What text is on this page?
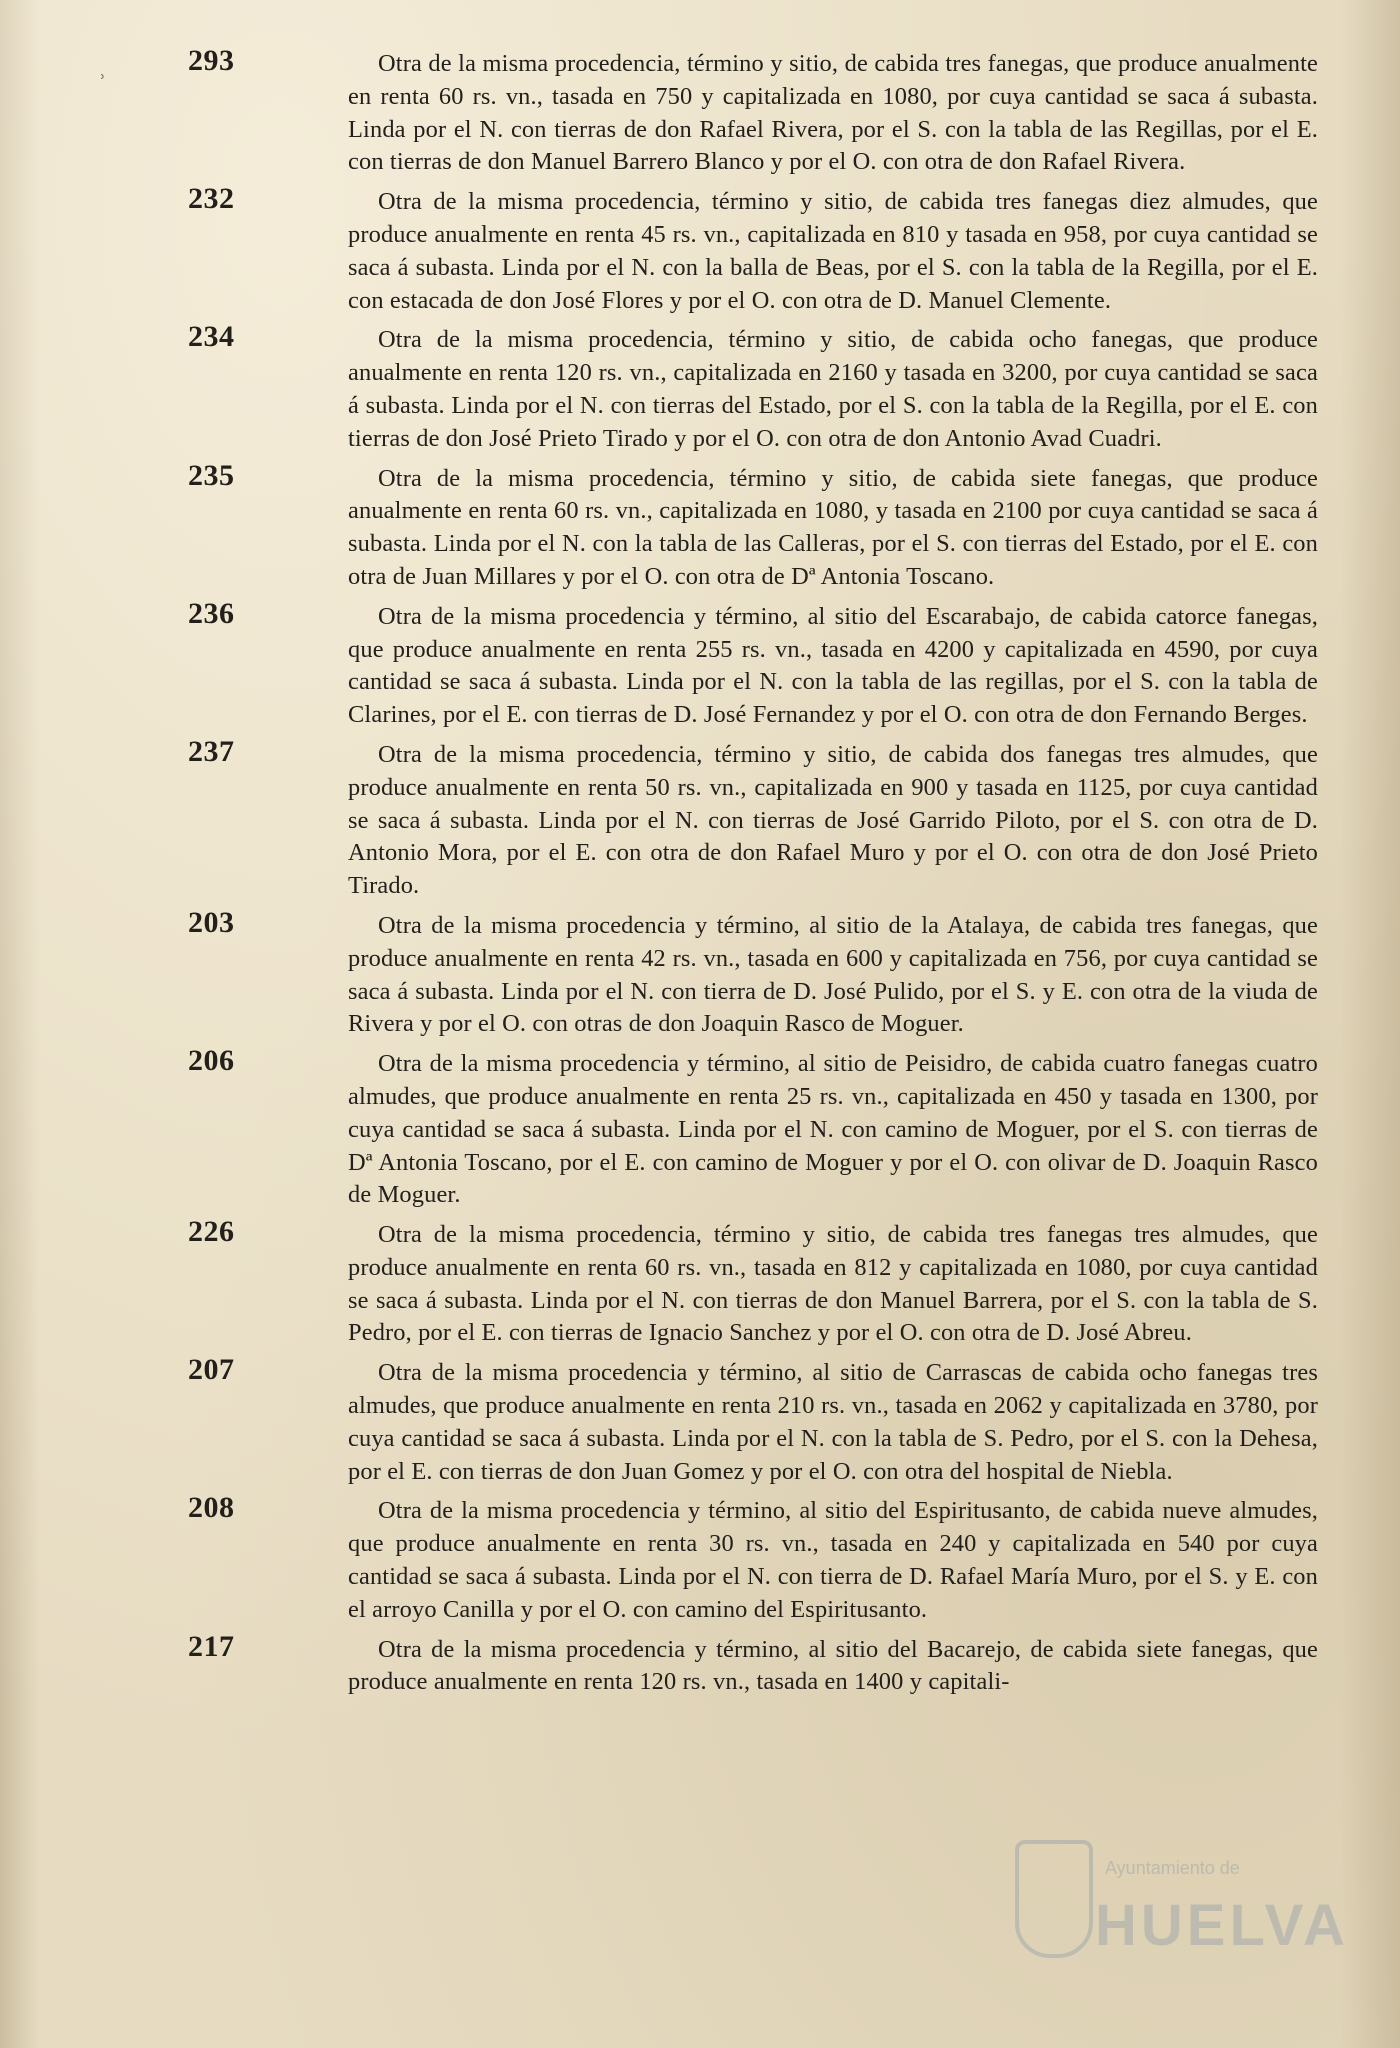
ʾ
293	Otra de la misma procedencia, término y sitio, de cabida tres fanegas, que produce anualmente en renta 60 rs. vn., tasada en 750 y capitalizada en 1080, por cuya cantidad se saca á subasta. Linda por el N. con tierras de don Rafael Rivera, por el S. con la tabla de las Regillas, por el E. con tierras de don Manuel Barrero Blanco y por el O. con otra de don Rafael Rivera.
232	Otra de la misma procedencia, término y sitio, de cabida tres fanegas diez almudes, que produce anualmente en renta 45 rs. vn., capitalizada en 810 y tasada en 958, por cuya cantidad se saca á subasta. Linda por el N. con la balla de Beas, por el S. con la tabla de la Regilla, por el E. con estacada de don José Flores y por el O. con otra de D. Manuel Clemente.
234	Otra de la misma procedencia, término y sitio, de cabida ocho fanegas, que produce anualmente en renta 120 rs. vn., capitalizada en 2160 y tasada en 3200, por cuya cantidad se saca á subasta. Linda por el N. con tierras del Estado, por el S. con la tabla de la Regilla, por el E. con tierras de don José Prieto Tirado y por el O. con otra de don Antonio Avad Cuadri.
235	Otra de la misma procedencia, término y sitio, de cabida siete fanegas, que produce anualmente en renta 60 rs. vn., capitalizada en 1080, y tasada en 2100 por cuya cantidad se saca á subasta. Linda por el N. con la tabla de las Calleras, por el S. con tierras del Estado, por el E. con otra de Juan Millares y por el O. con otra de Dª Antonia Toscano.
236	Otra de la misma procedencia y término, al sitio del Escarabajo, de cabida catorce fanegas, que produce anualmente en renta 255 rs. vn., tasada en 4200 y capitalizada en 4590, por cuya cantidad se saca á subasta. Linda por el N. con la tabla de las regillas, por el S. con la tabla de Clarines, por el E. con tierras de D. José Fernandez y por el O. con otra de don Fernando Berges.
237	Otra de la misma procedencia, término y sitio, de cabida dos fanegas tres almudes, que produce anualmente en renta 50 rs. vn., capitalizada en 900 y tasada en 1125, por cuya cantidad se saca á subasta. Linda por el N. con tierras de José Garrido Piloto, por el S. con otra de D. Antonio Mora, por el E. con otra de don Rafael Muro y por el O. con otra de don José Prieto Tirado.
203	Otra de la misma procedencia y término, al sitio de la Atalaya, de cabida tres fanegas, que produce anualmente en renta 42 rs. vn., tasada en 600 y capitalizada en 756, por cuya cantidad se saca á subasta. Linda por el N. con tierra de D. José Pulido, por el S. y E. con otra de la viuda de Rivera y por el O. con otras de don Joaquin Rasco de Moguer.
206	Otra de la misma procedencia y término, al sitio de Peisidro, de cabida cuatro fanegas cuatro almudes, que produce anualmente en renta 25 rs. vn., capitalizada en 450 y tasada en 1300, por cuya cantidad se saca á subasta. Linda por el N. con camino de Moguer, por el S. con tierras de Dª Antonia Toscano, por el E. con camino de Moguer y por el O. con olivar de D. Joaquin Rasco de Moguer.
226	Otra de la misma procedencia, término y sitio, de cabida tres fanegas tres almudes, que produce anualmente en renta 60 rs. vn., tasada en 812 y capitalizada en 1080, por cuya cantidad se saca á subasta. Linda por el N. con tierras de don Manuel Barrera, por el S. con la tabla de S. Pedro, por el E. con tierras de Ignacio Sanchez y por el O. con otra de D. José Abreu.
207	Otra de la misma procedencia y término, al sitio de Carrascas de cabida ocho fanegas tres almudes, que produce anualmente en renta 210 rs. vn., tasada en 2062 y capitalizada en 3780, por cuya cantidad se saca á subasta. Linda por el N. con la tabla de S. Pedro, por el S. con la Dehesa, por el E. con tierras de don Juan Gomez y por el O. con otra del hospital de Niebla.
208	Otra de la misma procedencia y término, al sitio del Espiritusanto, de cabida nueve almudes, que produce anualmente en renta 30 rs. vn., tasada en 240 y capitalizada en 540 por cuya cantidad se saca á subasta. Linda por el N. con tierra de D. Rafael María Muro, por el S. y E. con el arroyo Canilla y por el O. con camino del Espiritusanto.
217	Otra de la misma procedencia y término, al sitio del Bacarejo, de cabida siete fanegas, que produce anualmente en renta 120 rs. vn., tasada en 1400 y capitali-
Ayuntamiento de
HUELVA
